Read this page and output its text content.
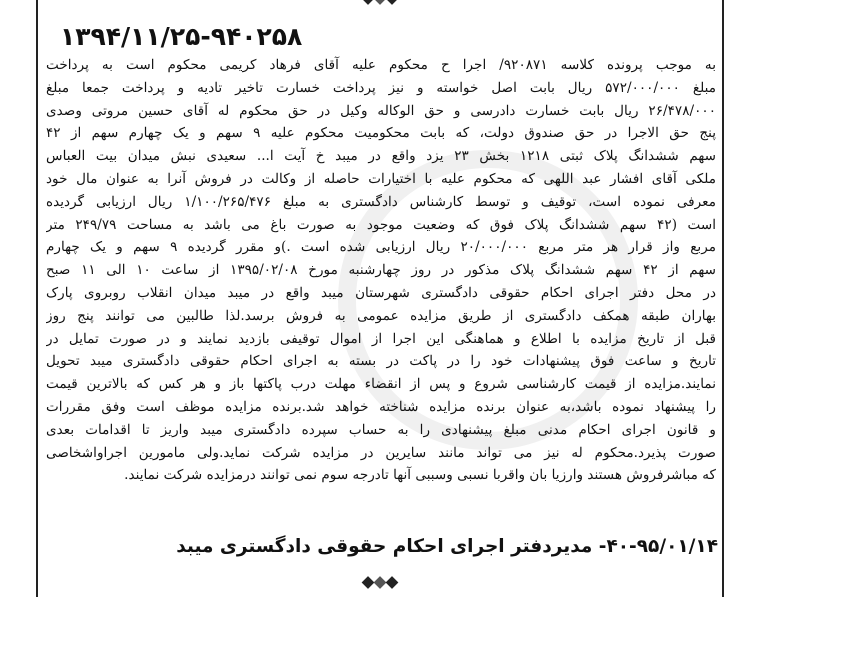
۱۳۹۴/۱۱/۲۵-۹۴۰۲۵۸

به موجب پرونده کلاسه ۹۲۰۸۷۱/ اجرا ح محکوم علیه آقای فرهاد کریمی محکوم است به پرداخت
مبلغ ۵۷۲/۰۰۰/۰۰۰ ریال بابت اصل خواسته و نیز پرداخت خسارت تاخیر تادیه و پرداخت جمعا مبلغ
۲۶/۴۷۸/۰۰۰ ریال بابت خسارت دادرسی و حق الوکاله وکیل در حق محکوم له آقای حسین مروتی وصدی
پنج حق الاجرا در حق صندوق دولت، که بابت محکومیت محکوم علیه ۹ سهم و یک چهارم سهم از ۴۲
سهم ششدانگ پلاک ثبتی ۱۲۱۸ بخش ۲۳ یزد واقع در میبد خ آیت ا... سعیدی نبش میدان بیت العباس
ملکی آقای افشار عبد اللهی که محکوم علیه با اختیارات حاصله از وکالت در فروش آنرا به عنوان مال خود
معرفی نموده است، توقیف و توسط کارشناس دادگستری به مبلغ ۱/۱۰۰/۲۶۵/۴۷۶ ریال ارزیابی گردیده
است (۴۲ سهم ششدانگ پلاک فوق که وضعیت موجود به صورت باغ می باشد به مساحت ۲۴۹/۷۹ متر
مربع واز قرار هر متر مربع ۲۰/۰۰۰/۰۰۰ ریال ارزیابی شده است .)و مقرر گردیده ۹ سهم و یک چهارم
سهم از ۴۲ سهم ششدانگ پلاک مذکور در روز چهارشنبه مورخ ۱۳۹۵/۰۲/۰۸ از ساعت ۱۰ الی ۱۱ صبح
در محل دفتر اجرای احکام حقوقی دادگستری شهرستان میبد واقع در میبد میدان انقلاب روبروی پارک
بهاران طبقه همکف دادگستری از طریق مزایده عمومی به فروش برسد.لذا طالبین می توانند پنج روز
قبل از تاریخ مزایده با اطلاع و هماهنگی این اجرا از اموال توقیفی بازدید نمایند و در صورت تمایل در
تاریخ و ساعت فوق پیشنهادات خود را در پاکت در بسته به اجرای احکام حقوقی دادگستری میبد تحویل
نمایند.مزایده از قیمت کارشناسی شروع و پس از انقضاء مهلت درب پاکتها باز و هر کس که بالاترین قیمت
را پیشنهاد نموده باشد،به عنوان برنده مزایده شناخته خواهد شد.برنده مزایده موظف است وفق مقررات
و قانون اجرای احکام مدنی مبلغ پیشنهادی را به حساب سپرده دادگستری میبد واریز تا اقدامات بعدی
صورت پذیرد.محکوم له نیز می تواند مانند سایرین در مزایده شرکت نماید.ولی مامورین اجراواشخاصی
که مباشرفروش هستند وارزیا بان واقربا نسبی وسببی آنها تادرجه سوم نمی توانند درمزایده شرکت نمایند.

۴۰-۹۵/۰۱/۱۴- مدیردفتر اجرای احکام حقوقی دادگستری میبد
